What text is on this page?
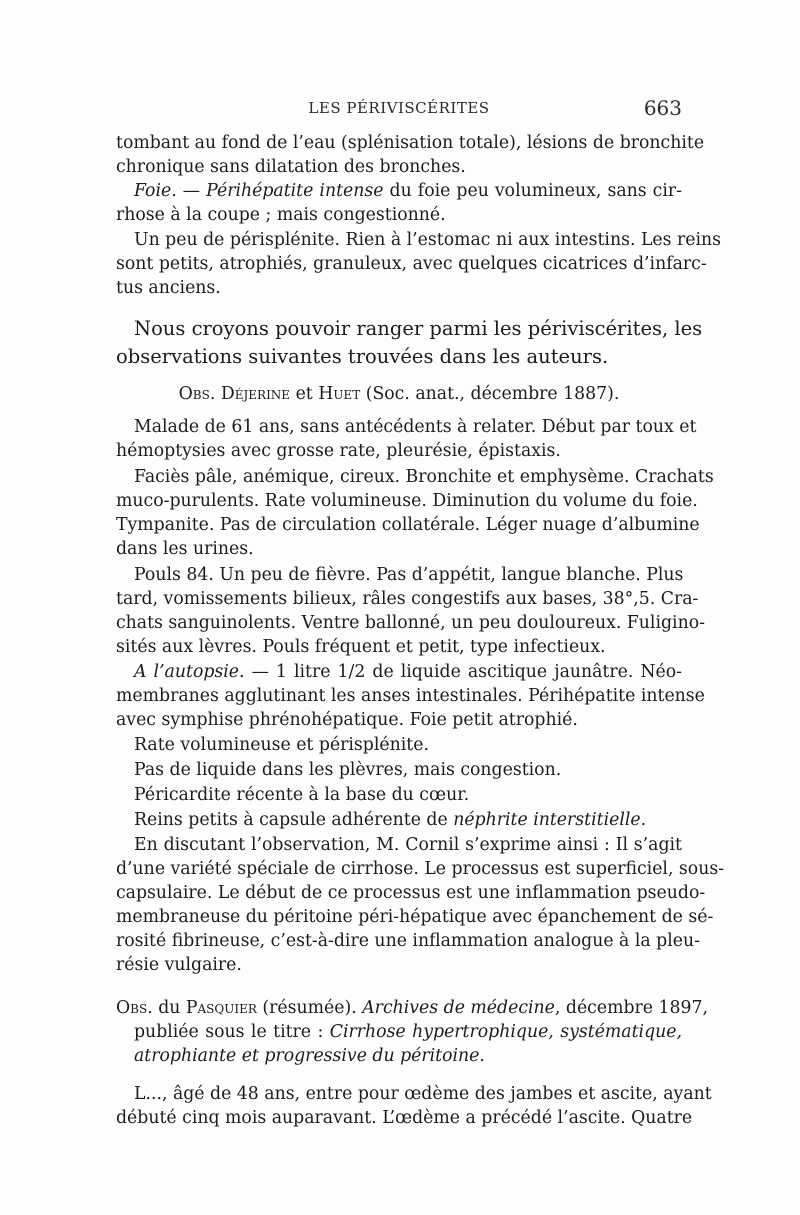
LES PÉRIVISCÉRITES	663
tombant au fond de l’eau (splénisation totale), lésions de bronchite
chronique sans dilatation des bronches.
Foie. — Périhépatite intense du foie peu volumineux, sans cir-
rhose à la coupe ; mais congestionné.
Un peu de périsplénite. Rien à l’estomac ni aux intestins. Les reins
sont petits, atrophiés, granuleux, avec quelques cicatrices d’infarc-
tus anciens.
Nous croyons pouvoir ranger parmi les périviscérites, les
observations suivantes trouvées dans les auteurs.
Obs. Déjerine et Huet (Soc. anat., décembre 1887).
Malade de 61 ans, sans antécédents à relater. Début par toux et
hémoptysies avec grosse rate, pleurésie, épistaxis.
Faciès pâle, anémique, cireux. Bronchite et emphysème. Crachats
muco-purulents. Rate volumineuse. Diminution du volume du foie.
Tympanite. Pas de circulation collatérale. Léger nuage d’albumine
dans les urines.
Pouls 84. Un peu de fièvre. Pas d’appétit, langue blanche. Plus
tard, vomissements bilieux, râles congestifs aux bases, 38°,5. Cra-
chats sanguinolents. Ventre ballonné, un peu douloureux. Fuligino-
sités aux lèvres. Pouls fréquent et petit, type infectieux.
A l’autopsie. — 1 litre 1/2 de liquide ascitique jaunâtre. Néo-
membranes agglutinant les anses intestinales. Périhépatite intense
avec symphise phrénohépatique. Foie petit atrophié.
Rate volumineuse et périsplénite.
Pas de liquide dans les plèvres, mais congestion.
Péricardite récente à la base du cœur.
Reins petits à capsule adhérente de néphrite interstitielle.
En discutant l’observation, M. Cornil s’exprime ainsi : Il s’agit
d’une variété spéciale de cirrhose. Le processus est superficiel, sous-
capsulaire. Le début de ce processus est une inflammation pseudo-
membraneuse du péritoine péri-hépatique avec épanchement de sé-
rosité fibrineuse, c’est-à-dire une inflammation analogue à la pleu-
résie vulgaire.
Obs. du Pasquier (résumée). Archives de médecine, décembre 1897,
publiée sous le titre : Cirrhose hypertrophique, systématique,
atrophiante et progressive du péritoine.
L..., âgé de 48 ans, entre pour œdème des jambes et ascite, ayant
débuté cinq mois auparavant. L’œdème a précédé l’ascite. Quatre
